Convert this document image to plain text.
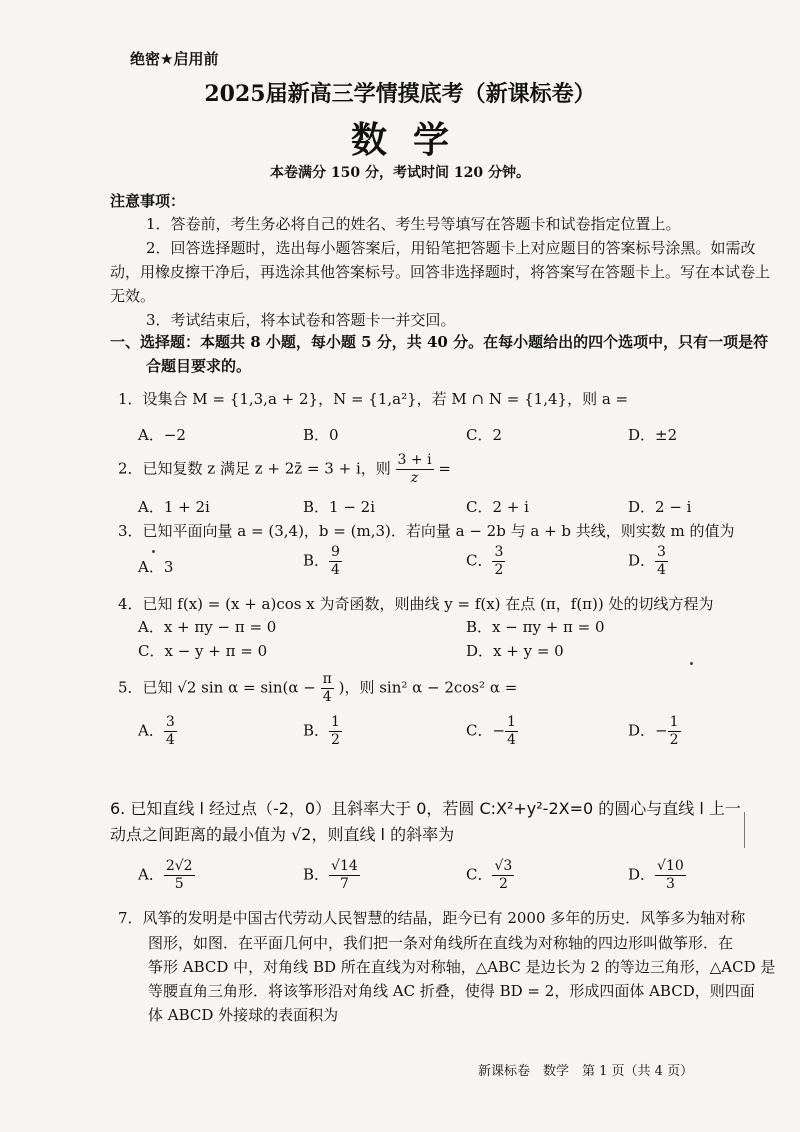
绝密★启用前
2025届新高三学情摸底考（新课标卷）
数学
本卷满分 150 分，考试时间 120 分钟。
注意事项：
1．答卷前，考生务必将自己的姓名、考生号等填写在答题卡和试卷指定位置上。
2．回答选择题时，选出每小题答案后，用铅笔把答题卡上对应题目的答案标号涂黑。如需改动，用橡皮擦干净后，再选涂其他答案标号。回答非选择题时，将答案写在答题卡上。写在本试卷上无效。
3．考试结束后，将本试卷和答题卡一并交回。
一、选择题：本题共 8 小题，每小题 5 分，共 40 分。在每小题给出的四个选项中，只有一项是符合题目要求的。
1．设集合 M = {1,3,a + 2}，N = {1,a²}，若 M ∩ N = {1,4}，则 a =
A．−2	B．0	C．2	D．±2
2．已知复数 z 满足 z + 2z̄ = 3 + i，则 $\frac{3 + i}{z}$ =
A．1 + 2i	B．1 − 2i	C．2 + i	D．2 − i
3．已知平面向量 a = (3,4)，b = (m,3)．若向量 a − 2b 与 a + b 共线，则实数 m 的值为
A．3	B． $\frac{9}{4}$	C． $\frac{3}{2}$	D． $\frac{3}{4}$
4．已知 f(x) = (x + a)cos x 为奇函数，则曲线 y = f(x) 在点 (π，f(π)) 处的切线方程为
A．x + πy − π = 0	B．x − πy + π = 0
C．x − y + π = 0	D．x + y = 0
5．已知 √2 $\sin \alpha = \sin(\alpha - \frac{\pi}{4}$ )，则 sin² α − 2cos² α =
A． $\frac{3}{4}$	B． $\frac{1}{2}$	C．− $\frac{1}{4}$	D．− $\frac{1}{2}$
6. 已知直线 l 经过点（-2，0）且斜率大于 0，若圆 C:X²+y²-2X=0 的圆心与直线 l 上一
动点之间距离的最小值为 √2，则直线 l 的斜率为
A． $\frac{2√2}{5}$	B． $\frac{√14}{7}$	C． $\frac{√3}{2}$	D． $\frac{√10}{3}$
7．风筝的发明是中国古代劳动人民智慧的结晶，距今已有 2000 多年的历史．风筝多为轴对称
图形，如图．在平面几何中，我们把一条对角线所在直线为对称轴的四边形叫做筝形．在
筝形 ABCD 中，对角线 BD 所在直线为对称轴，△ABC 是边长为 2 的等边三角形，△ACD 是
等腰直角三角形．将该筝形沿对角线 AC 折叠，使得 BD = 2，形成四面体 ABCD，则四面
体 ABCD 外接球的表面积为
新课标卷　数学　第 1 页（共 4 页）
